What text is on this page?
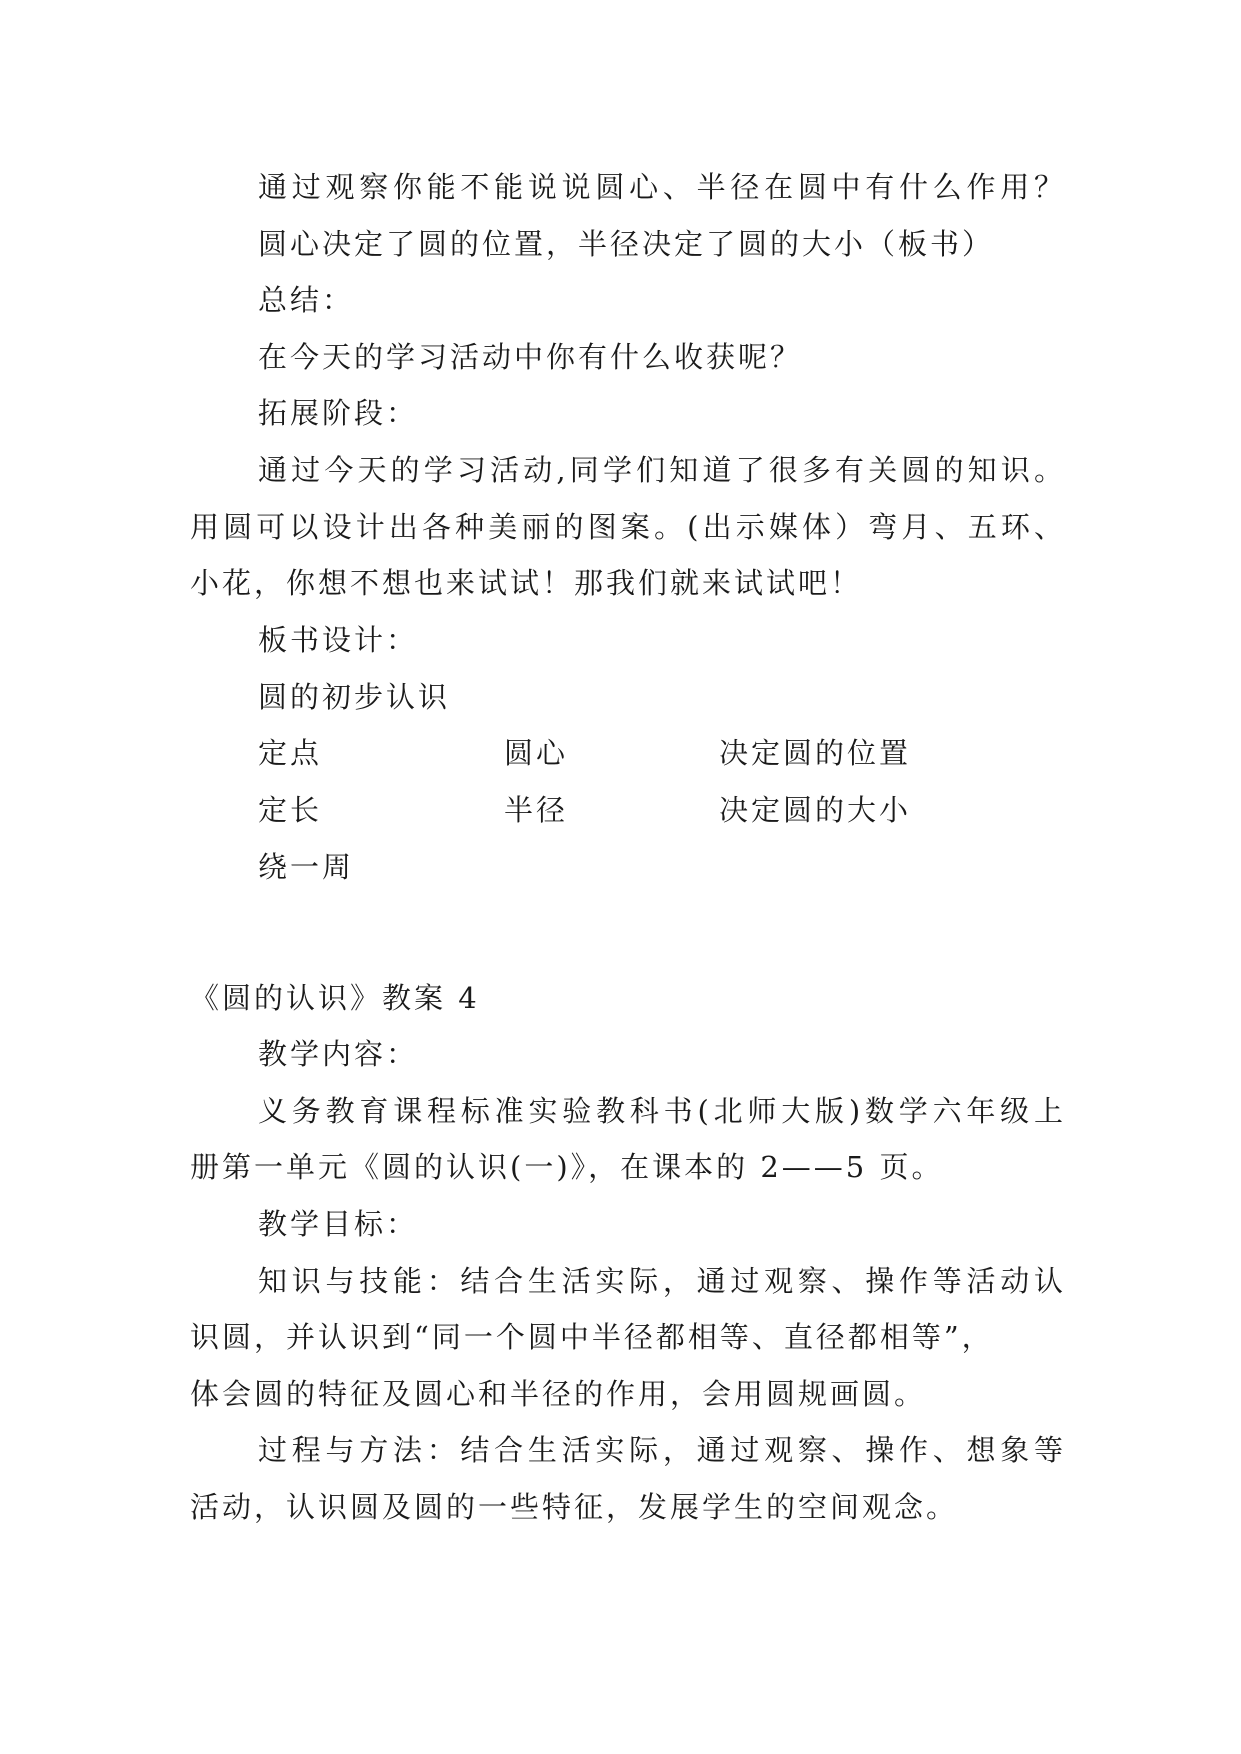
通过观察你能不能说说圆心、半径在圆中有什么作用？
圆心决定了圆的位置，半径决定了圆的大小（板书）
总结：
在今天的学习活动中你有什么收获呢？
拓展阶段：
通过今天的学习活动,同学们知道了很多有关圆的知识。
用圆可以设计出各种美丽的图案。(出示媒体）弯月、五环、
小花，你想不想也来试试！那我们就来试试吧！
板书设计：
圆的初步认识
定点	圆心	决定圆的位置
定长	半径	决定圆的大小
绕一周
《圆的认识》教案 4
教学内容：
义务教育课程标准实验教科书(北师大版)数学六年级上
册第一单元《圆的认识(一)》，在课本的 2——5 页。
教学目标：
知识与技能：结合生活实际，通过观察、操作等活动认
识圆，并认识到“同一个圆中半径都相等、直径都相等”，
体会圆的特征及圆心和半径的作用，会用圆规画圆。
过程与方法：结合生活实际，通过观察、操作、想象等
活动，认识圆及圆的一些特征，发展学生的空间观念。
